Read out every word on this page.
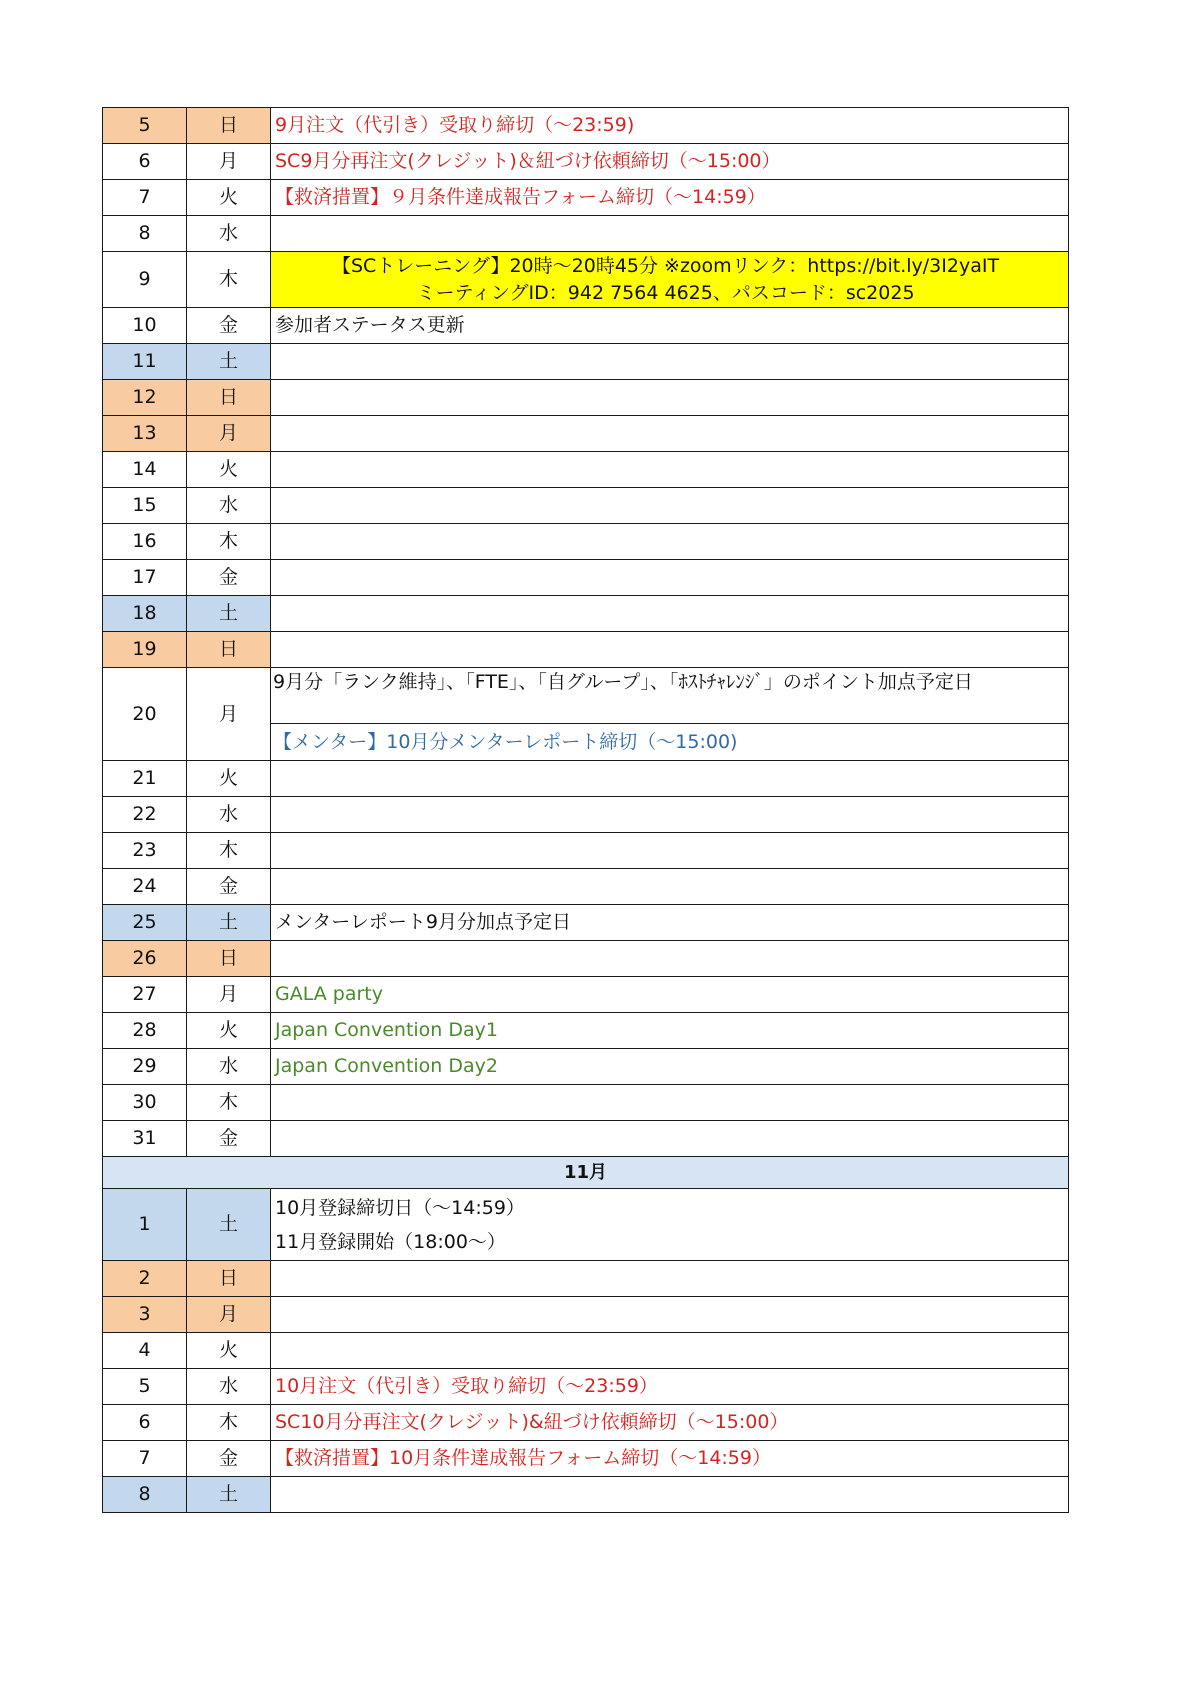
5	日	9月注文（代引き）受取り締切（～23:59)

6	月	SC9月分再注文(クレジット)＆紐づけ依頼締切（～15:00）

7	火	【救済措置】９月条件達成報告フォーム締切（～14:59）

8	水	
9	木	【SCトレーニング】20時～20時45分 ※zoomリンク：https://bit.ly/3I2yaIT
ミーティングID：942 7564 4625、パスコード：sc2025

10	金	参加者ステータス更新

11	土	
12	日	
13	月	
14	火	
15	水	
16	木	
17	金	
18	土	
19	日	
20	月	9月分「ランク維持」、「FTE」、「自グループ」、「ﾎｽﾄﾁｬﾚﾝｼﾞ」のポイント加点予定日
【メンター】10月分メンターレポート締切（～15:00)

21	火	
22	水	
23	木	
24	金	
25	土	メンターレポート9月分加点予定日

26	日	
27	月	GALA party

28	火	Japan Convention Day1

29	水	Japan Convention Day2

30	木	
31	金	
11月		
1	土	10月登録締切日（～14:59）
11月登録開始（18:00～）

2	日	
3	月	
4	火	
5	水	10月注文（代引き）受取り締切（～23:59）

6	木	SC10月分再注文(クレジット)&紐づけ依頼締切（～15:00）

7	金	【救済措置】10月条件達成報告フォーム締切（～14:59）

8	土	
